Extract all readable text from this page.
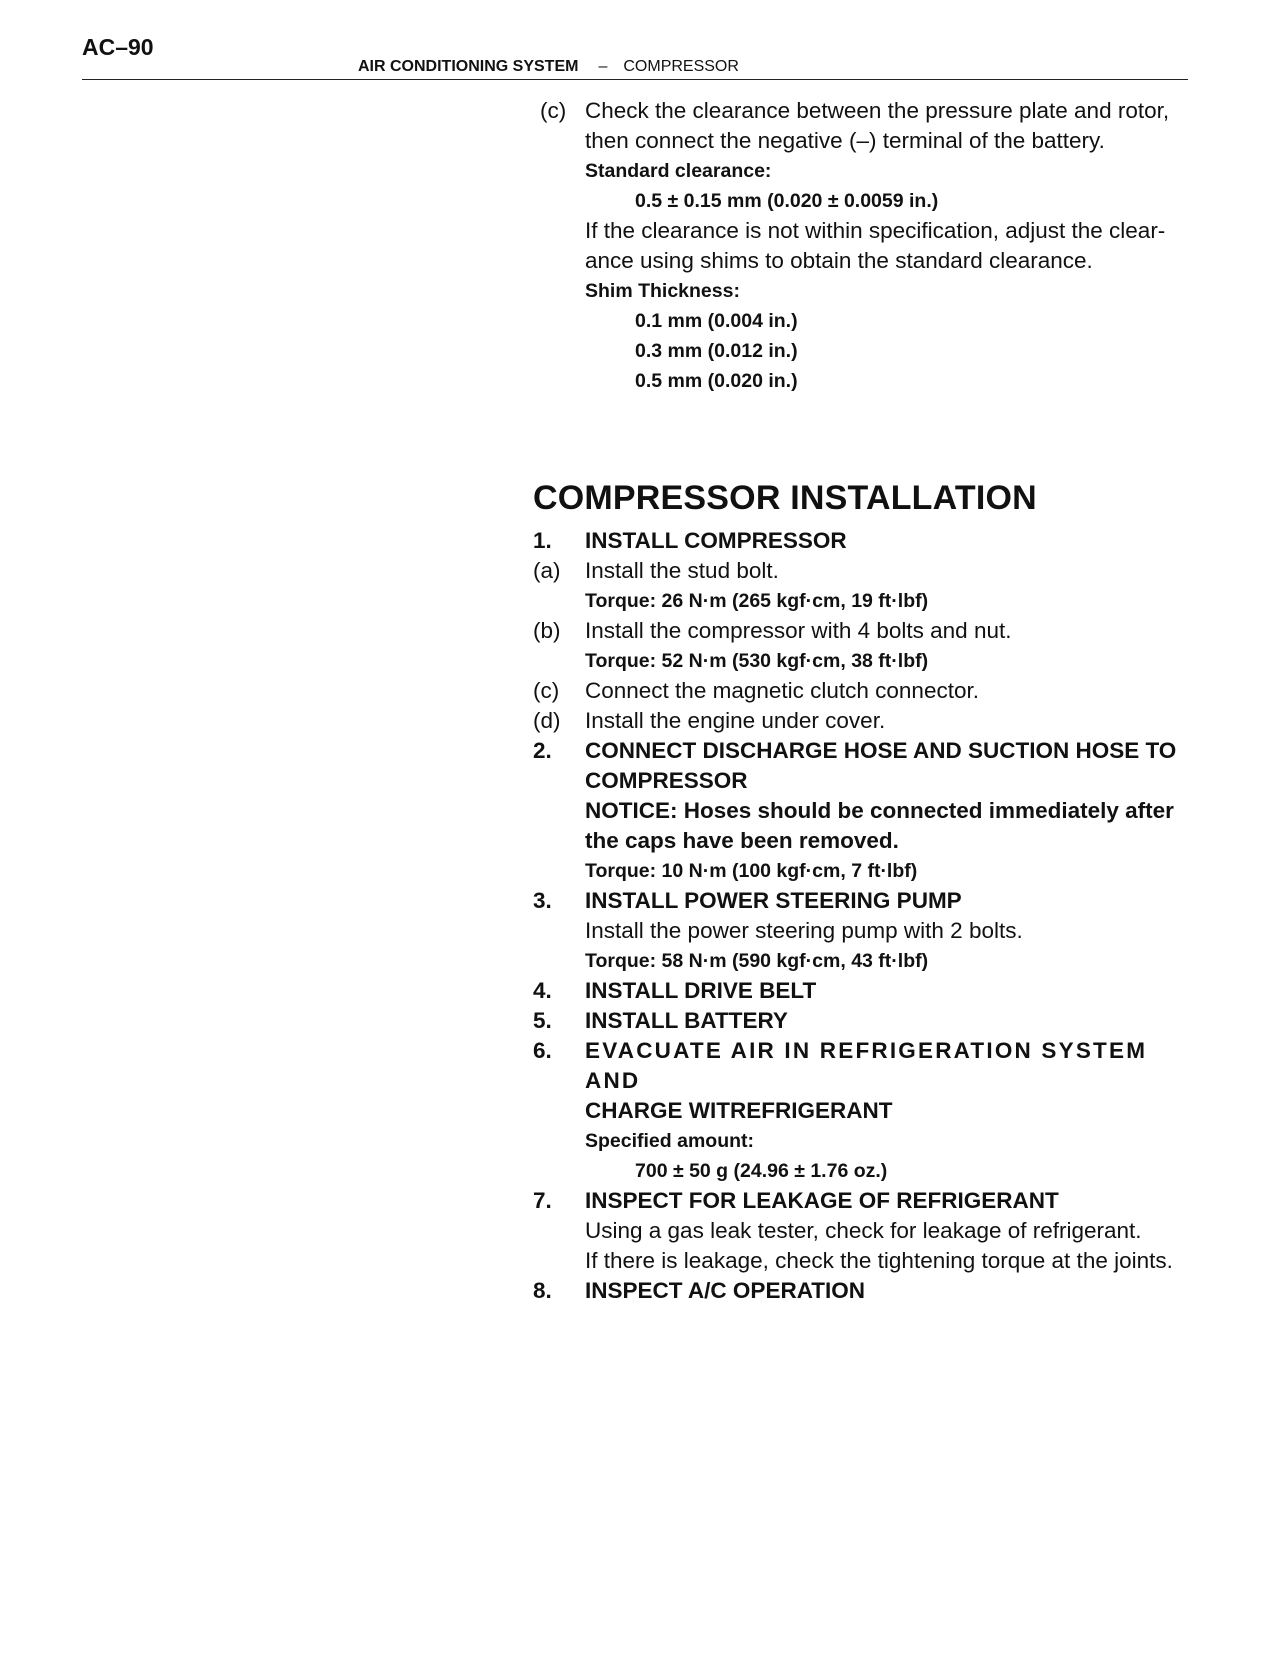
AC–90
AIR CONDITIONING SYSTEM – COMPRESSOR
(c) Check the clearance between the pressure plate and rotor,
then connect the negative (–) terminal of the battery.
Standard clearance:
0.5 ± 0.15 mm (0.020 ± 0.0059 in.)
If the clearance is not within specification, adjust the clear-
ance using shims to obtain the standard clearance.
Shim Thickness:
0.1 mm (0.004 in.)
0.3 mm (0.012 in.)
0.5 mm (0.020 in.)
COMPRESSOR INSTALLATION
1. INSTALL COMPRESSOR
(a) Install the stud bolt.
Torque: 26 N·m (265 kgf·cm, 19 ft·lbf)
(b) Install the compressor with 4 bolts and nut.
Torque: 52 N·m (530 kgf·cm, 38 ft·lbf)
(c) Connect the magnetic clutch connector.
(d) Install the engine under cover.
2. CONNECT DISCHARGE HOSE AND SUCTION HOSE TO
COMPRESSOR
NOTICE: Hoses should be connected immediately after
the caps have been removed.
Torque: 10 N·m (100 kgf·cm, 7 ft·lbf)
3. INSTALL POWER STEERING PUMP
Install the power steering pump with 2 bolts.
Torque: 58 N·m (590 kgf·cm, 43 ft·lbf)
4. INSTALL DRIVE BELT
5. INSTALL BATTERY
6. EVACUATE AIR IN REFRIGERATION SYSTEM AND
CHARGE WITREFRIGERANT
Specified amount:
700 ± 50 g (24.96 ± 1.76 oz.)
7. INSPECT FOR LEAKAGE OF REFRIGERANT
Using a gas leak tester, check for leakage of refrigerant.
If there is leakage, check the tightening torque at the joints.
8. INSPECT A/C OPERATION
